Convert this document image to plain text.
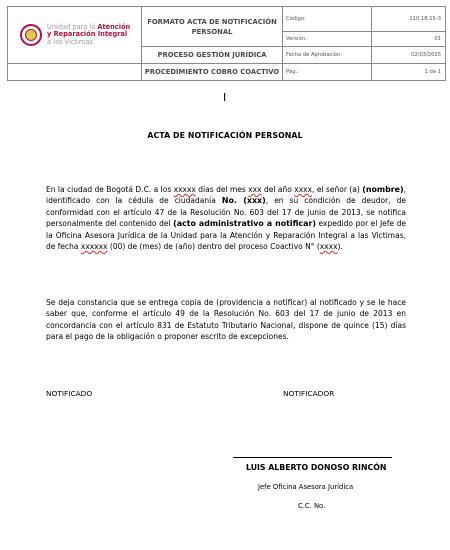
Unidad para la Atención
y Reparación Integral
a las Víctimas	FORMATO ACTA DE NOTIFICACIÓN PERSONAL	Código:	110.18.15-3
		Versión:	01
	PROCESO GESTIÓN JURÍDICA	Fecha de Aprobación:	02/03/2015
	PROCEDIMIENTO COBRO COACTIVO	Pág.:	1 de 1
I
ACTA DE NOTIFICACIÓN PERSONAL

En la ciudad de Bogotá D.C. a los xxxxx días del mes xxx del año xxxx, el señor (a) (nombre), identificado con la cédula de ciudadanía No. (xxx), en su condición de deudor, de conformidad con el artículo 47 de la Resolución No. 603 del 17 de junio de 2013, se notifica personalmente del contenido del (acto administrativo a notificar) expedido por el Jefe de la Oficina Asesora Jurídica de la Unidad para la Atención y Reparación Integral a las Victimas, de fecha xxxxxx (00) de (mes) de (año) dentro del proceso Coactivo N° (xxxx).

Se deja constancia que se entrega copia de (providencia a notificar) al notificado y se le hace saber que, conforme el artículo 49 de la Resolución No. 603 del 17 de junio de 2013 en concordancia con el artículo 831 de Estatuto Tributario Nacional, dispone de quince (15) días para el pago de la obligación o proponer escrito de excepciones.

NOTIFICADO	NOTIFICADOR
LUIS ALBERTO DONOSO RINCÓN
Jefe Oficina Asesora Jurídica
C.C. No.
